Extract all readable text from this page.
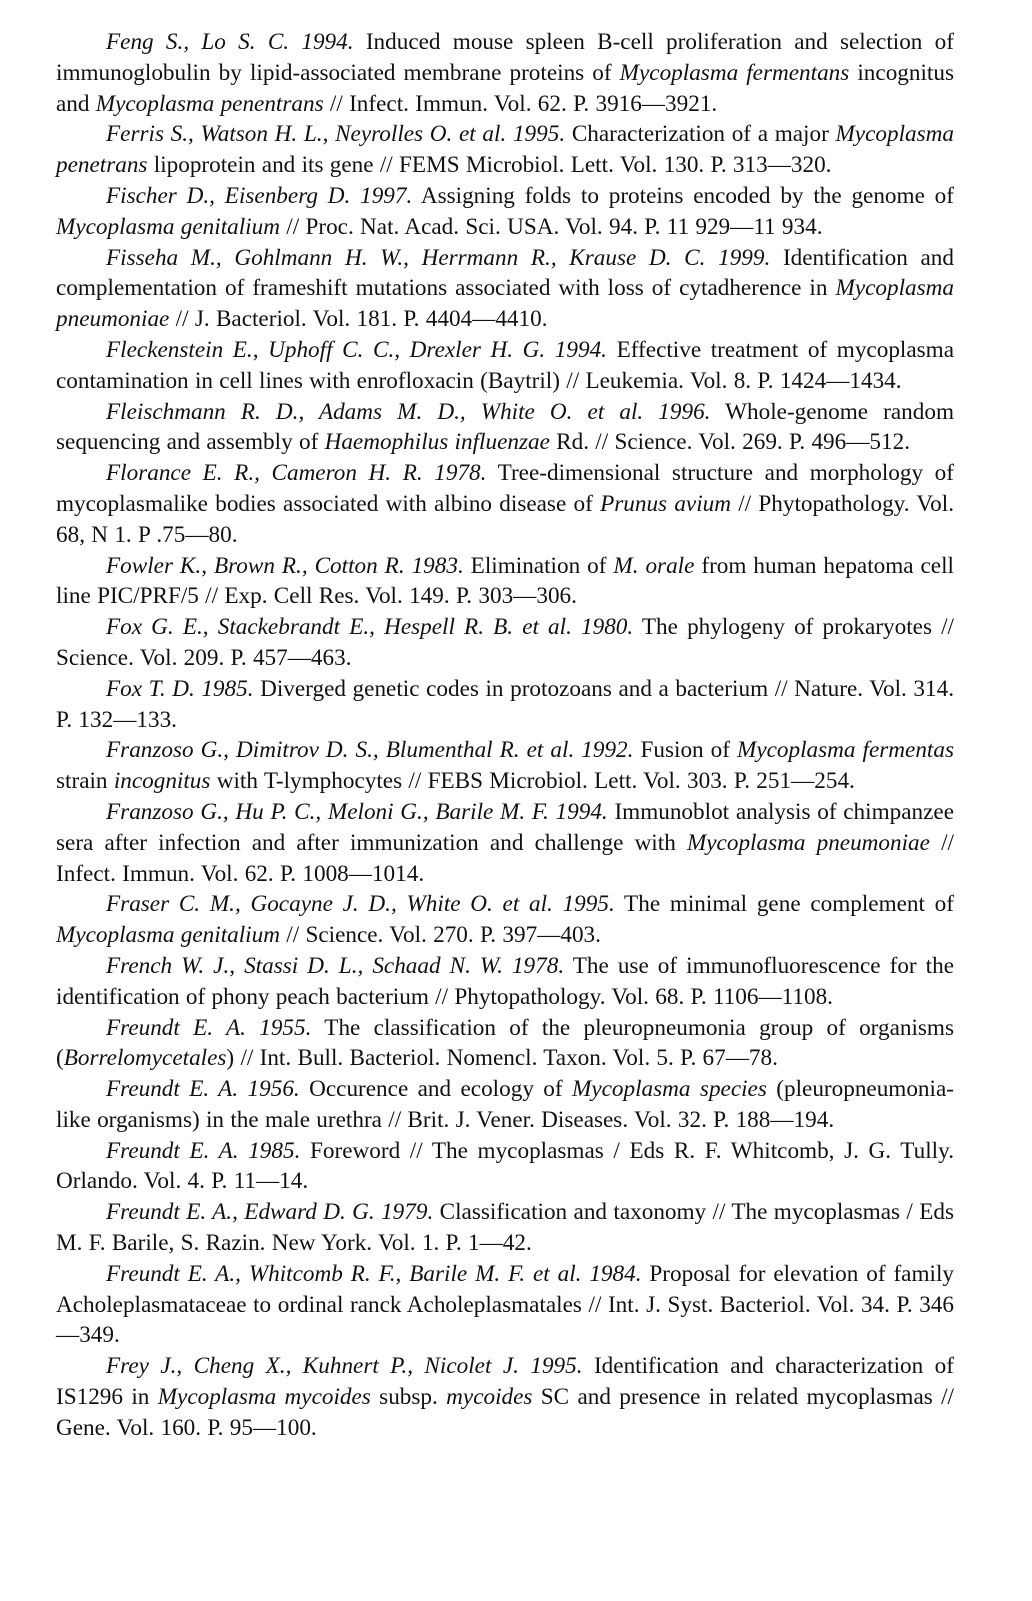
Feng S., Lo S. C. 1994. Induced mouse spleen B-cell proliferation and selection of immunoglobulin by lipid-associated membrane proteins of Mycoplasma fermentans incognitus and Mycoplasma penentrans // Infect. Immun. Vol. 62. P. 3916—3921.

Ferris S., Watson H. L., Neyrolles O. et al. 1995. Characterization of a major Mycoplasma penetrans lipoprotein and its gene // FEMS Microbiol. Lett. Vol. 130. P. 313—320.

Fischer D., Eisenberg D. 1997. Assigning folds to proteins encoded by the genome of Mycoplasma genitalium // Proc. Nat. Acad. Sci. USA. Vol. 94. P. 11 929—11 934.

Fisseha M., Gohlmann H. W., Herrmann R., Krause D. C. 1999. Identification and complementation of frameshift mutations associated with loss of cytadherence in Mycoplasma pneumoniae // J. Bacteriol. Vol. 181. P. 4404—4410.

Fleckenstein E., Uphoff C. C., Drexler H. G. 1994. Effective treatment of mycoplasma contamination in cell lines with enrofloxacin (Baytril) // Leukemia. Vol. 8. P. 1424—1434.

Fleischmann R. D., Adams M. D., White O. et al. 1996. Whole-genome random sequencing and assembly of Haemophilus influenzae Rd. // Science. Vol. 269. P. 496—512.

Florance E. R., Cameron H. R. 1978. Tree-dimensional structure and morphology of mycoplasmalike bodies associated with albino disease of Prunus avium // Phytopathology. Vol. 68, N 1. P .75—80.

Fowler K., Brown R., Cotton R. 1983. Elimination of M. orale from human hepatoma cell line PIC/PRF/5 // Exp. Cell Res. Vol. 149. P. 303—306.

Fox G. E., Stackebrandt E., Hespell R. B. et al. 1980. The phylogeny of prokaryotes // Science. Vol. 209. P. 457—463.

Fox T. D. 1985. Diverged genetic codes in protozoans and a bacterium // Nature. Vol. 314. P. 132—133.

Franzoso G., Dimitrov D. S., Blumenthal R. et al. 1992. Fusion of Mycoplasma fermentas strain incognitus with T-lymphocytes // FEBS Microbiol. Lett. Vol. 303. P. 251—254.

Franzoso G., Hu P. C., Meloni G., Barile M. F. 1994. Immunoblot analysis of chimpanzee sera after infection and after immunization and challenge with Mycoplasma pneumoniae // Infect. Immun. Vol. 62. P. 1008—1014.

Fraser C. M., Gocayne J. D., White O. et al. 1995. The minimal gene complement of Mycoplasma genitalium // Science. Vol. 270. P. 397—403.

French W. J., Stassi D. L., Schaad N. W. 1978. The use of immunofluorescence for the identification of phony peach bacterium // Phytopathology. Vol. 68. P. 1106—1108.

Freundt E. A. 1955. The classification of the pleuropneumonia group of organisms (Borrelomycetales) // Int. Bull. Bacteriol. Nomencl. Taxon. Vol. 5. P. 67—78.

Freundt E. A. 1956. Occurence and ecology of Mycoplasma species (pleuropneumonia-like organisms) in the male urethra // Brit. J. Vener. Diseases. Vol. 32. P. 188—194.

Freundt E. A. 1985. Foreword // The mycoplasmas / Eds R. F. Whitcomb, J. G. Tully. Orlando. Vol. 4. P. 11—14.

Freundt E. A., Edward D. G. 1979. Classification and taxonomy // The mycoplasmas / Eds M. F. Barile, S. Razin. New York. Vol. 1. P. 1—42.

Freundt E. A., Whitcomb R. F., Barile M. F. et al. 1984. Proposal for elevation of family Acholeplasmataceae to ordinal ranck Acholeplasmatales // Int. J. Syst. Bacteriol. Vol. 34. P. 346—349.

Frey J., Cheng X., Kuhnert P., Nicolet J. 1995. Identification and characterization of IS1296 in Mycoplasma mycoides subsp. mycoides SC and presence in related mycoplasmas // Gene. Vol. 160. P. 95—100.
